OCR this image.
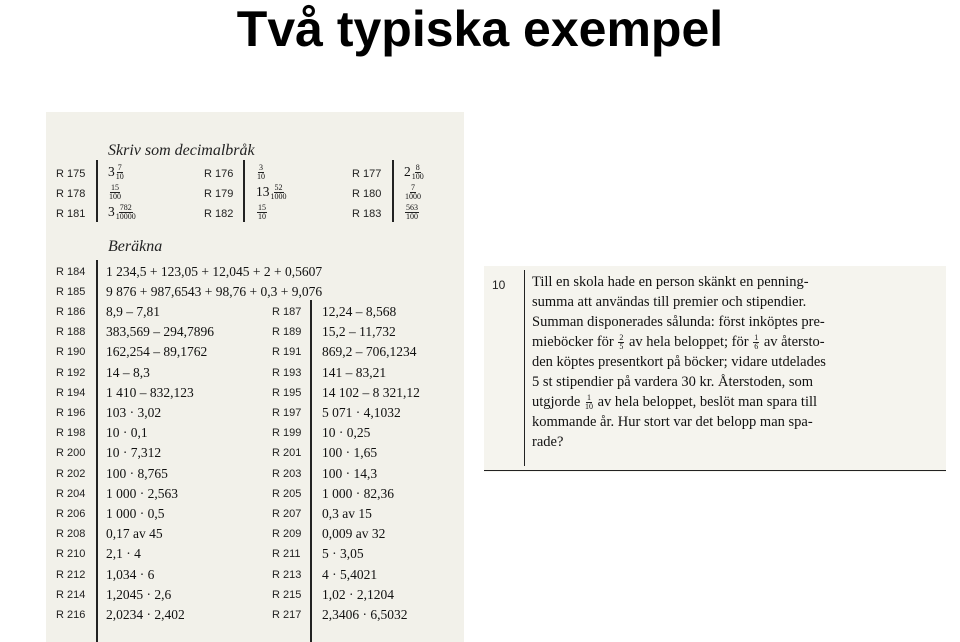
Två typiska exempel
Skriv som decimalbråk
R 175	$3 \frac{7}{10}$	R 176	$\frac{3}{10}$	R 177	$2 \frac{8}{100}$
R 178	$\frac{15}{100}$	R 179	$13 \frac{52}{1000}$	R 180	$\frac{7}{1000}$
R 181	$3 \frac{782}{10000}$	R 182	$\frac{15}{10}$	R 183	$\frac{563}{100}$
Beräkna
R 184	1 234,5 + 123,05 + 12,045 + 2 + 0,5607
R 185	9 876 + 987,6543 + 98,76 + 0,3 + 9,076
R 186	8,9 – 7,81	R 187	12,24 – 8,568
R 188	383,569 – 294,7896	R 189	15,2 – 11,732
R 190	162,254 – 89,1762	R 191	869,2 – 706,1234
R 192	14 – 8,3	R 193	141 – 83,21
R 194	1 410 – 832,123	R 195	14 102 – 8 321,12
R 196	103 · 3,02	R 197	5 071 · 4,1032
R 198	10 · 0,1	R 199	10 · 0,25
R 200	10 · 7,312	R 201	100 · 1,65
R 202	100 · 8,765	R 203	100 · 14,3
R 204	1 000 · 2,563	R 205	1 000 · 82,36
R 206	1 000 · 0,5	R 207	0,3 av 15
R 208	0,17 av 45	R 209	0,009 av 32
R 210	2,1 · 4	R 211	5 · 3,05
R 212	1,034 · 6	R 213	4 · 5,4021
R 214	1,2045 · 2,6	R 215	1,02 · 2,1204
R 216	2,0234 · 2,402	R 217	2,3406 · 6,5032
10 Till en skola hade en person skänkt en penning-
summa att användas till premier och stipendier.
Summan disponerades sålunda: först inköptes pre-
mieböcker för $\frac{2}{5}$ av hela beloppet; för $\frac{1}{6}$ av återsto-
den köptes presentkort på böcker; vidare utdelades
5 st stipendier på vardera 30 kr. Återstoden, som
utgjorde $\frac{1}{10}$ av hela beloppet, beslöt man spara till
kommande år. Hur stort var det belopp man spa-
rade?
